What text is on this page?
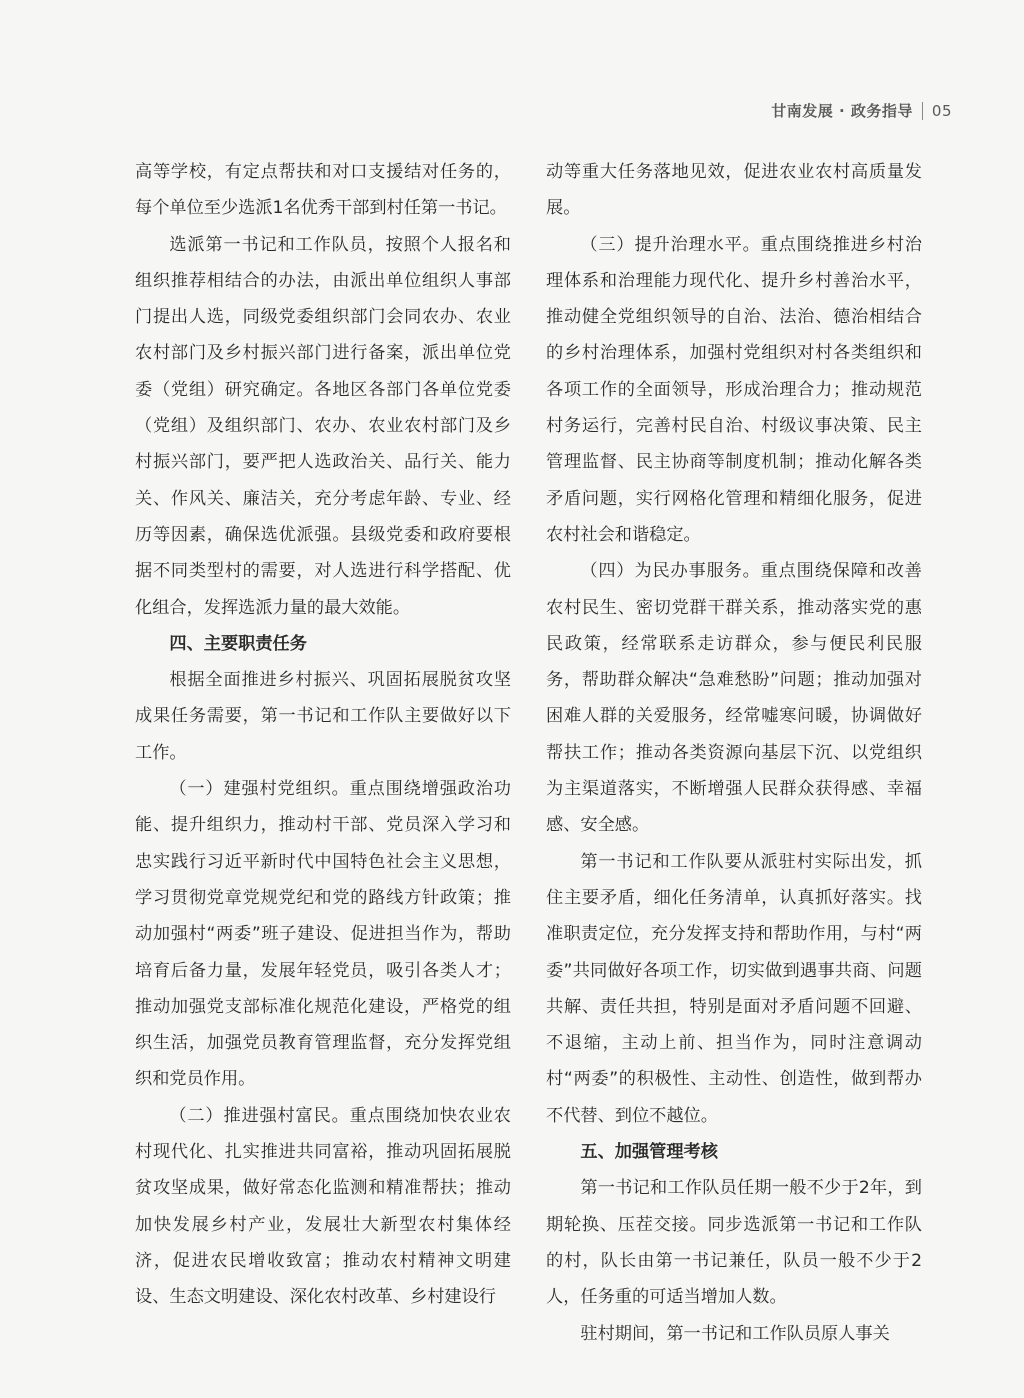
甘南发展 · 政务指导 05

高等学校，有定点帮扶和对口支援结对任务的，每个单位至少选派1名优秀干部到村任第一书记。

选派第一书记和工作队员，按照个人报名和组织推荐相结合的办法，由派出单位组织人事部门提出人选，同级党委组织部门会同农办、农业农村部门及乡村振兴部门进行备案，派出单位党委（党组）研究确定。各地区各部门各单位党委（党组）及组织部门、农办、农业农村部门及乡村振兴部门，要严把人选政治关、品行关、能力关、作风关、廉洁关，充分考虑年龄、专业、经历等因素，确保选优派强。县级党委和政府要根据不同类型村的需要，对人选进行科学搭配、优化组合，发挥选派力量的最大效能。

四、主要职责任务

根据全面推进乡村振兴、巩固拓展脱贫攻坚成果任务需要，第一书记和工作队主要做好以下工作。

（一）建强村党组织。重点围绕增强政治功能、提升组织力，推动村干部、党员深入学习和忠实践行习近平新时代中国特色社会主义思想，学习贯彻党章党规党纪和党的路线方针政策；推动加强村“两委”班子建设、促进担当作为，帮助培育后备力量，发展年轻党员，吸引各类人才；推动加强党支部标准化规范化建设，严格党的组织生活，加强党员教育管理监督，充分发挥党组织和党员作用。

（二）推进强村富民。重点围绕加快农业农村现代化、扎实推进共同富裕，推动巩固拓展脱贫攻坚成果，做好常态化监测和精准帮扶；推动加快发展乡村产业，发展壮大新型农村集体经济，促进农民增收致富；推动农村精神文明建设、生态文明建设、深化农村改革、乡村建设行

动等重大任务落地见效，促进农业农村高质量发展。

（三）提升治理水平。重点围绕推进乡村治理体系和治理能力现代化、提升乡村善治水平，推动健全党组织领导的自治、法治、德治相结合的乡村治理体系，加强村党组织对村各类组织和各项工作的全面领导，形成治理合力；推动规范村务运行，完善村民自治、村级议事决策、民主管理监督、民主协商等制度机制；推动化解各类矛盾问题，实行网格化管理和精细化服务，促进农村社会和谐稳定。

（四）为民办事服务。重点围绕保障和改善农村民生、密切党群干群关系，推动落实党的惠民政策，经常联系走访群众，参与便民利民服务，帮助群众解决“急难愁盼”问题；推动加强对困难人群的关爱服务，经常嘘寒问暖，协调做好帮扶工作；推动各类资源向基层下沉、以党组织为主渠道落实，不断增强人民群众获得感、幸福感、安全感。

第一书记和工作队要从派驻村实际出发，抓住主要矛盾，细化任务清单，认真抓好落实。找准职责定位，充分发挥支持和帮助作用，与村“两委”共同做好各项工作，切实做到遇事共商、问题共解、责任共担，特别是面对矛盾问题不回避、不退缩，主动上前、担当作为，同时注意调动村“两委”的积极性、主动性、创造性，做到帮办不代替、到位不越位。

五、加强管理考核

第一书记和工作队员任期一般不少于2年，到期轮换、压茬交接。同步选派第一书记和工作队的村，队长由第一书记兼任，队员一般不少于2人，任务重的可适当增加人数。

驻村期间，第一书记和工作队员原人事关
